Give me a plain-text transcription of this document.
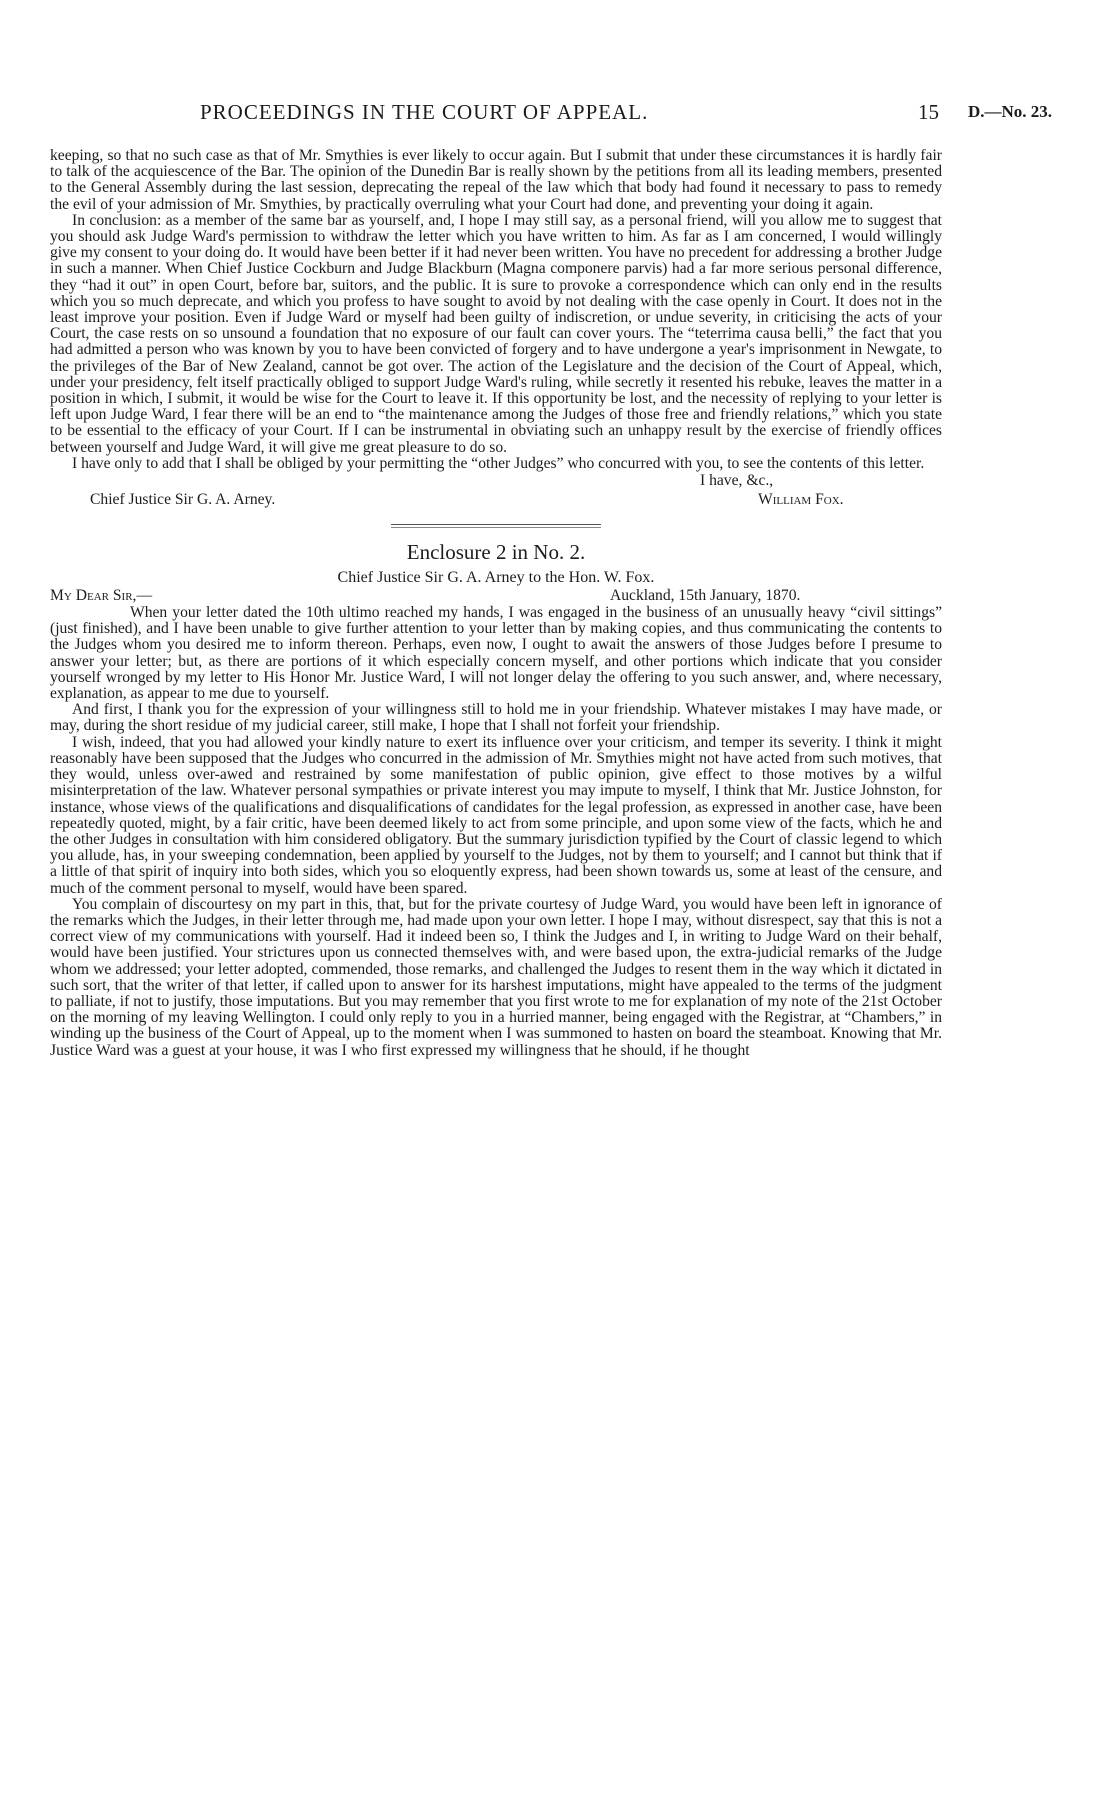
PROCEEDINGS IN THE COURT OF APPEAL.	15 D.—No. 23.

keeping, so that no such case as that of Mr. Smythies is ever likely to occur again. But I submit that under these circumstances it is hardly fair to talk of the acquiescence of the Bar. The opinion of the Dunedin Bar is really shown by the petitions from all its leading members, presented to the General Assembly during the last session, deprecating the repeal of the law which that body had found it necessary to pass to remedy the evil of your admission of Mr. Smythies, by practically overruling what your Court had done, and preventing your doing it again.

In conclusion: as a member of the same bar as yourself, and, I hope I may still say, as a personal friend, will you allow me to suggest that you should ask Judge Ward's permission to withdraw the letter which you have written to him. As far as I am concerned, I would willingly give my consent to your doing do. It would have been better if it had never been written. You have no precedent for addressing a brother Judge in such a manner. When Chief Justice Cockburn and Judge Blackburn (Magna componere parvis) had a far more serious personal difference, they “had it out” in open Court, before bar, suitors, and the public. It is sure to provoke a correspondence which can only end in the results which you so much deprecate, and which you profess to have sought to avoid by not dealing with the case openly in Court. It does not in the least improve your position. Even if Judge Ward or myself had been guilty of indiscretion, or undue severity, in criticising the acts of your Court, the case rests on so unsound a foundation that no exposure of our fault can cover yours. The “teterrima causa belli,” the fact that you had admitted a person who was known by you to have been convicted of forgery and to have undergone a year's imprisonment in Newgate, to the privileges of the Bar of New Zealand, cannot be got over. The action of the Legislature and the decision of the Court of Appeal, which, under your presidency, felt itself practically obliged to support Judge Ward's ruling, while secretly it resented his rebuke, leaves the matter in a position in which, I submit, it would be wise for the Court to leave it. If this opportunity be lost, and the necessity of replying to your letter is left upon Judge Ward, I fear there will be an end to “the maintenance among the Judges of those free and friendly relations,” which you state to be essential to the efficacy of your Court. If I can be instrumental in obviating such an unhappy result by the exercise of friendly offices between yourself and Judge Ward, it will give me great pleasure to do so.

I have only to add that I shall be obliged by your permitting the “other Judges” who concurred with you, to see the contents of this letter.

I have, &c.,
William Fox.
Chief Justice Sir G. A. Arney.
Enclosure 2 in No. 2.
Chief Justice Sir G. A. Arney to the Hon. W. Fox.
My Dear Sir,—	Auckland, 15th January, 1870.

When your letter dated the 10th ultimo reached my hands, I was engaged in the business of an unusually heavy “civil sittings” (just finished), and I have been unable to give further attention to your letter than by making copies, and thus communicating the contents to the Judges whom you desired me to inform thereon. Perhaps, even now, I ought to await the answers of those Judges before I presume to answer your letter; but, as there are portions of it which especially concern myself, and other portions which indicate that you consider yourself wronged by my letter to His Honor Mr. Justice Ward, I will not longer delay the offering to you such answer, and, where necessary, explanation, as appear to me due to yourself.

And first, I thank you for the expression of your willingness still to hold me in your friendship. Whatever mistakes I may have made, or may, during the short residue of my judicial career, still make, I hope that I shall not forfeit your friendship.

I wish, indeed, that you had allowed your kindly nature to exert its influence over your criticism, and temper its severity. I think it might reasonably have been supposed that the Judges who concurred in the admission of Mr. Smythies might not have acted from such motives, that they would, unless over-awed and restrained by some manifestation of public opinion, give effect to those motives by a wilful misinterpretation of the law. Whatever personal sympathies or private interest you may impute to myself, I think that Mr. Justice Johnston, for instance, whose views of the qualifications and disqualifications of candidates for the legal profession, as expressed in another case, have been repeatedly quoted, might, by a fair critic, have been deemed likely to act from some principle, and upon some view of the facts, which he and the other Judges in consultation with him considered obligatory. But the summary jurisdiction typified by the Court of classic legend to which you allude, has, in your sweeping condemnation, been applied by yourself to the Judges, not by them to yourself; and I cannot but think that if a little of that spirit of inquiry into both sides, which you so eloquently express, had been shown towards us, some at least of the censure, and much of the comment personal to myself, would have been spared.

You complain of discourtesy on my part in this, that, but for the private courtesy of Judge Ward, you would have been left in ignorance of the remarks which the Judges, in their letter through me, had made upon your own letter. I hope I may, without disrespect, say that this is not a correct view of my communications with yourself. Had it indeed been so, I think the Judges and I, in writing to Judge Ward on their behalf, would have been justified. Your strictures upon us connected themselves with, and were based upon, the extra-judicial remarks of the Judge whom we addressed; your letter adopted, commended, those remarks, and challenged the Judges to resent them in the way which it dictated in such sort, that the writer of that letter, if called upon to answer for its harshest imputations, might have appealed to the terms of the judgment to palliate, if not to justify, those imputations. But you may remember that you first wrote to me for explanation of my note of the 21st October on the morning of my leaving Wellington. I could only reply to you in a hurried manner, being engaged with the Registrar, at “Chambers,” in winding up the business of the Court of Appeal, up to the moment when I was summoned to hasten on board the steamboat. Knowing that Mr. Justice Ward was a guest at your house, it was I who first expressed my willingness that he should, if he thought
